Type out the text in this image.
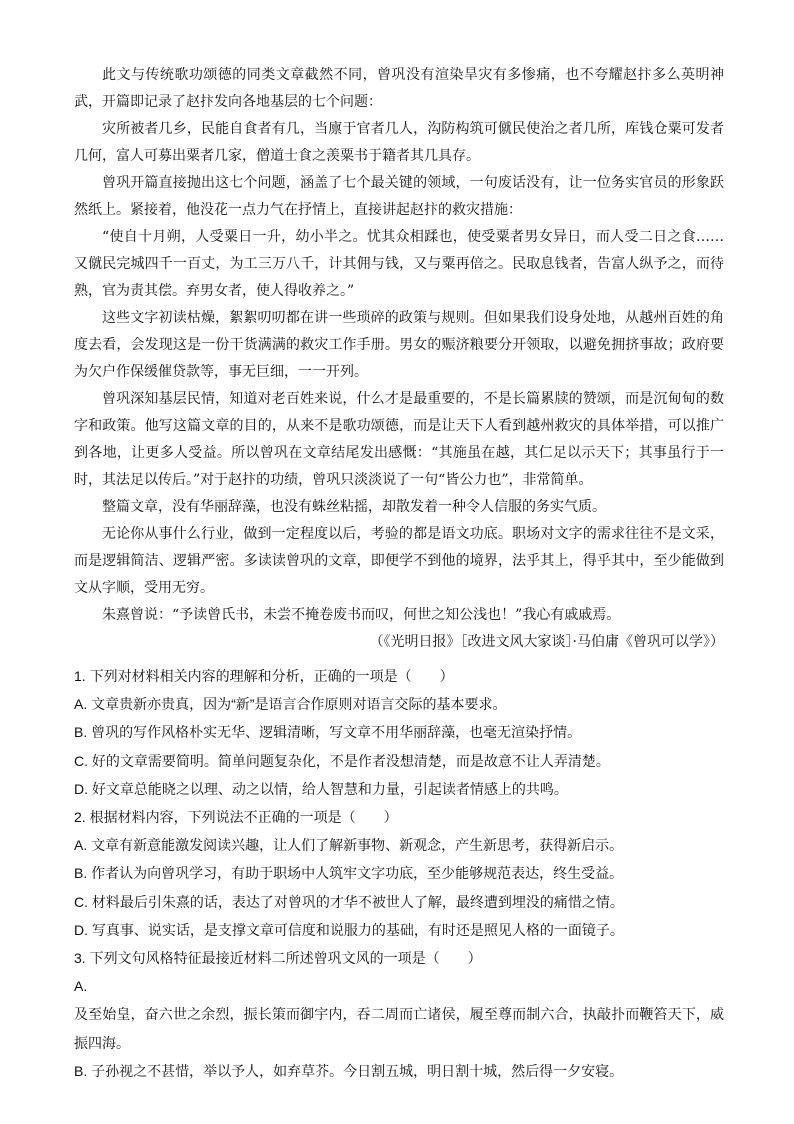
此文与传统歌功颂德的同类文章截然不同，曾巩没有渲染旱灾有多惨痛，也不夸耀赵抃多么英明神武，开篇即记录了赵抃发向各地基层的七个问题：

灾所被者几乡，民能自食者有几，当廪于官者几人，沟防构筑可僦民使治之者几所，库钱仓粟可发者几何，富人可募出粟者几家，僧道士食之羡粟书于籍者其几具存。

曾巩开篇直接抛出这七个问题，涵盖了七个最关键的领域，一句废话没有，让一位务实官员的形象跃然纸上。紧接着，他没花一点力气在抒情上，直接讲起赵抃的救灾措施：

“使自十月朔，人受粟日一升，幼小半之。忧其众相蹂也，使受粟者男女异日，而人受二日之食……又僦民完城四千一百丈，为工三万八千，计其佣与钱，又与粟再倍之。民取息钱者，告富人纵予之，而待熟，官为责其偿。弃男女者，使人得收养之。”

这些文字初读枯燥，絮絮叨叨都在讲一些琐碎的政策与规则。但如果我们设身处地，从越州百姓的角度去看，会发现这是一份干货满满的救灾工作手册。男女的赈济粮要分开领取，以避免拥挤事故；政府要为欠户作保缓催贷款等，事无巨细，一一开列。

曾巩深知基层民情，知道对老百姓来说，什么才是最重要的，不是长篇累牍的赞颂，而是沉甸甸的数字和政策。他写这篇文章的目的，从来不是歌功颂德，而是让天下人看到越州救灾的具体举措，可以推广到各地，让更多人受益。所以曾巩在文章结尾发出感慨：“其施虽在越，其仁足以示天下；其事虽行于一时，其法足以传后。”对于赵抃的功绩，曾巩只淡淡说了一句“皆公力也”，非常简单。

整篇文章，没有华丽辞藻，也没有蛛丝粘摇，却散发着一种令人信服的务实气质。

无论你从事什么行业，做到一定程度以后，考验的都是语文功底。职场对文字的需求往往不是文采，而是逻辑简洁、逻辑严密。多读读曾巩的文章，即便学不到他的境界，法乎其上，得乎其中，至少能做到文从字顺，受用无穷。

朱熹曾说：“予读曾氏书，未尝不掩卷废书而叹，何世之知公浅也！”我心有戚戚焉。

（《光明日报》［改进文风大家谈］·马伯庸《曾巩可以学》）

1. 下列对材料相关内容的理解和分析，正确的一项是（　　）

A. 文章贵新亦贵真，因为“新”是语言合作原则对语言交际的基本要求。

B. 曾巩的写作风格朴实无华、逻辑清晰，写文章不用华丽辞藻，也毫无渲染抒情。

C. 好的文章需要简明。简单问题复杂化，不是作者没想清楚，而是故意不让人弄清楚。

D. 好文章总能晓之以理、动之以情，给人智慧和力量，引起读者情感上的共鸣。

2. 根据材料内容，下列说法不正确的一项是（　　）

A. 文章有新意能激发阅读兴趣，让人们了解新事物、新观念，产生新思考，获得新启示。

B. 作者认为向曾巩学习，有助于职场中人筑牢文字功底，至少能够规范表达，终生受益。

C. 材料最后引朱熹的话，表达了对曾巩的才华不被世人了解，最终遭到埋没的痛惜之情。

D. 写真事、说实话，是支撑文章可信度和说服力的基础，有时还是照见人格的一面镜子。

3. 下列文句风格特征最接近材料二所述曾巩文风的一项是（　　）

A.

及至始皇，奋六世之余烈，振长策而御宇内，吞二周而亡诸侯，履至尊而制六合，执敲扑而鞭笞天下，威振四海。

B. 子孙视之不甚惜，举以予人，如弃草芥。今日割五城，明日割十城，然后得一夕安寝。
